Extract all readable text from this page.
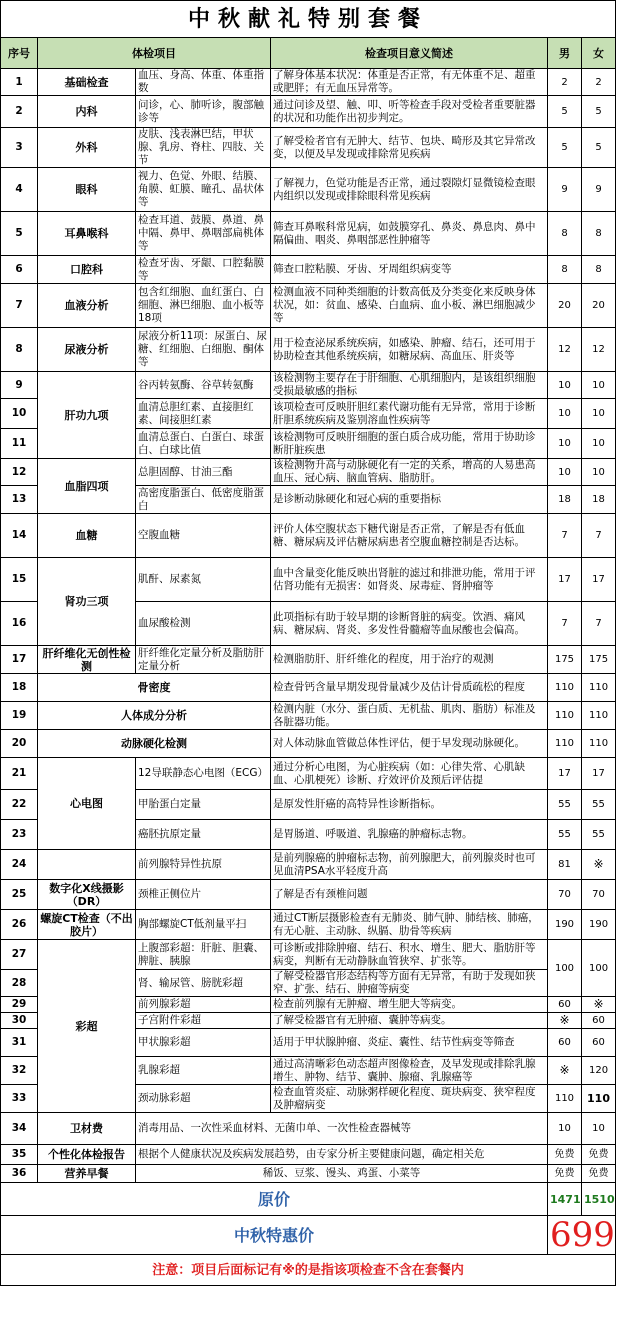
中秋献礼特别套餐					
序号	体检项目		检查项目意义简述	男	女
1	基础检查	血压、身高、体重、体重指数	了解身体基本状况：体重是否正常，有无体重不足、超重或肥胖；有无血压异常等。	2	2
2	内科	问诊，心、肺听诊，腹部触诊等	通过问诊及望、触、叩、听等检查手段对受检者重要脏器的状况和功能作出初步判定。	5	5
3	外科	皮肤、浅表淋巴结，甲状腺、乳房、脊柱、四肢、关节	了解受检者官有无肿大、结节、包块、畸形及其它异常改变，以便及早发现或排除常见疾病	5	5
4	眼科	视力、色觉、外眼、结膜、角膜、虹膜、瞳孔、晶状体等	了解视力，色觉功能是否正常，通过裂隙灯显微镜检查眼内组织以发现或排除眼科常见疾病	9	9
5	耳鼻喉科	检查耳道、鼓膜、鼻道、鼻中隔、鼻甲、鼻咽部扁桃体等	筛查耳鼻喉科常见病，如鼓膜穿孔、鼻炎、鼻息肉、鼻中隔偏曲、咽炎、鼻咽部恶性肿瘤等	8	8
6	口腔科	检查牙齿、牙龈、口腔黏膜等	筛查口腔粘膜、牙齿、牙周组织病变等	8	8
7	血液分析	包含红细胞、血红蛋白、白细胞、淋巴细胞、血小板等18项	检测血液不同种类细胞的计数高低及分类变化来反映身体状况，如：贫血、感染、白血病、血小板、淋巴细胞减少等	20	20
8	尿液分析	尿液分析11项：尿蛋白、尿糖、红细胞、白细胞、酮体等	用于检查泌尿系统疾病，如感染、肿瘤、结石，还可用于协助检查其他系统疾病，如糖尿病、高血压、肝炎等	12	12
9	肝功九项	谷丙转氨酶、谷草转氨酶	该检测物主要存在于肝细胞、心肌细胞内，是该组织细胞受损最敏感的指标	10	10
10		血清总胆红素、直接胆红素、间接胆红素	该项检查可反映肝胆红素代谢功能有无异常，常用于诊断肝胆系统疾病及鉴别溶血性疾病等	10	10
11		血清总蛋白、白蛋白、球蛋白、白球比值	该检测物可反映肝细胞的蛋白质合成功能，常用于协助诊断肝脏疾患	10	10
12	血脂四项	总胆固醇、甘油三酯	该检测物升高与动脉硬化有一定的关系，增高的人易患高血压、冠心病、脑血管病、脂肪肝。	10	10
13		高密度脂蛋白、低密度脂蛋白	是诊断动脉硬化和冠心病的重要指标	18	18
14	血糖	空腹血糖	评价人体空腹状态下糖代谢是否正常，了解是否有低血糖、糖尿病及评估糖尿病患者空腹血糖控制是否达标。	7	7
15	肾功三项	肌酐、尿素氮	血中含量变化能反映出肾脏的滤过和排泄功能，常用于评估肾功能有无损害：如肾炎、尿毒症、肾肿瘤等	17	17
16		血尿酸检测	此项指标有助于较早期的诊断肾脏的病变。饮酒、痛风病、糖尿病、肾炎、多发性骨髓瘤等血尿酸也会偏高。	7	7
17	肝纤维化无创性检测	肝纤维化定量分析及脂肪肝定量分析	检测脂肪肝、肝纤维化的程度，用于治疗的观测	175	175
18	骨密度		检查骨钙含量早期发现骨量减少及估计骨质疏松的程度	110	110
19	人体成分分析		检测内脏（水分、蛋白质、无机盐、肌肉、脂肪）标准及各脏器功能。	110	110
20	动脉硬化检测		对人体动脉血管做总体性评估，便于早发现动脉硬化。	110	110
21	心电图	12导联静态心电图（ECG）	通过分析心电图，为心脏疾病（如：心律失常、心肌缺血、心肌梗死）诊断、疗效评价及预后评估提	17	17
22		甲胎蛋白定量	是原发性肝癌的高特异性诊断指标。	55	55
23		癌胚抗原定量	是胃肠道、呼吸道、乳腺癌的肿瘤标志物。	55	55
24		前列腺特异性抗原	是前列腺癌的肿瘤标志物，前列腺肥大，前列腺炎时也可见血清PSA水平轻度升高	81	※
25	数字化X线摄影（DR）	颈椎正侧位片	了解是否有颈椎问题	70	70
26	螺旋CT检查（不出胶片）	胸部螺旋CT低剂量平扫	通过CT断层摄影检查有无肺炎、肺气肿、肺结核、肺癌，有无心脏、主动脉、纵膈、肋骨等疾病	190	190
27	彩超	上腹部彩超：肝脏、胆囊、脾脏、胰腺	可诊断或排除肿瘤、结石、积水、增生、肥大、脂肪肝等病变，判断有无动静脉血管狭窄、扩张等。	100	100
28		肾、输尿管、膀胱彩超	了解受检器官形态结构等方面有无异常，有助于发现如狭窄、扩张、结石、肿瘤等病变		
29		前列腺彩超	检查前列腺有无肿瘤、增生肥大等病变。	60	※
30		子宫附件彩超	了解受检器官有无肿瘤、囊肿等病变。	※	60
31		甲状腺彩超	适用于甲状腺肿瘤、炎症、囊性、结节性病变等筛查	60	60
32		乳腺彩超	通过高清晰彩色动态超声图像检查，及早发现或排除乳腺增生、肿物、结节、囊肿、腺瘤、乳腺癌等	※	120
33		颈动脉彩超	检查血管炎症、动脉粥样硬化程度、斑块病变、狭窄程度及肿瘤病变	110	110
34	卫材费	消毒用品、一次性采血材料、无菌巾单、一次性检查器械等		10	10
35	个性化体检报告	根据个人健康状况及疾病发展趋势，由专家分析主要健康问题，确定相关危		免费	免费
36	营养早餐	稀饭、豆浆、馒头、鸡蛋、小菜等		免费	免费
原价				1471	1510
中秋特惠价				699	
注意：项目后面标记有※的是指该项检查不含在套餐内					
